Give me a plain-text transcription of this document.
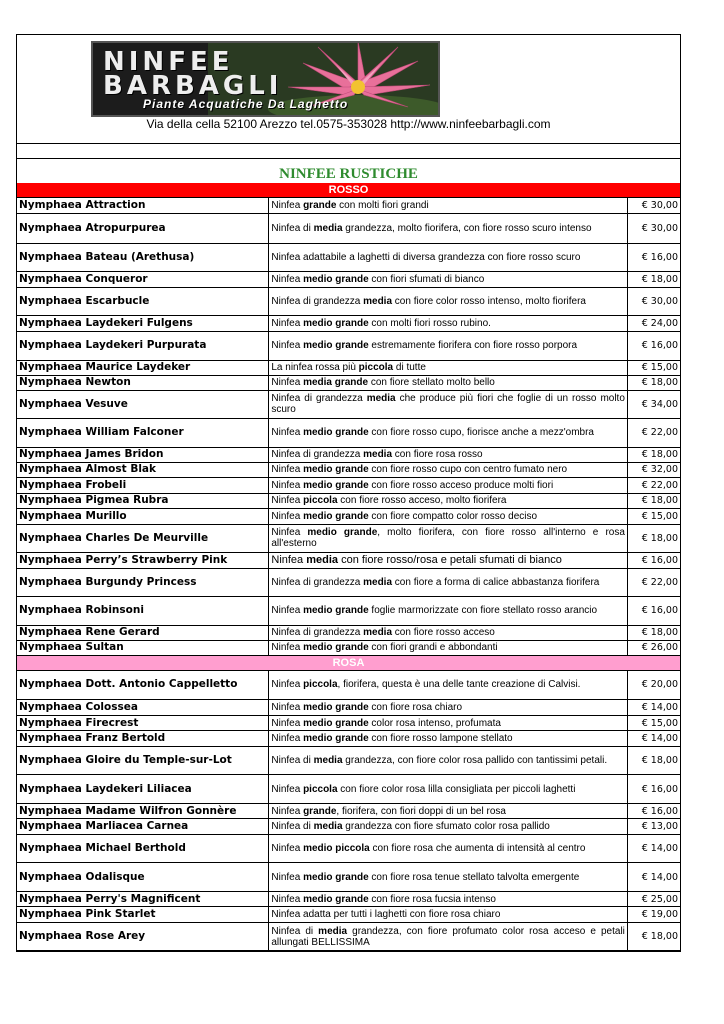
NINFEE
BARBAGLI
Piante Acquatiche Da Laghetto
Via della cella 52100 Arezzo tel.0575-353028 http://www.ninfeebarbagli.com
NINFEE RUSTICHE
ROSSO
Nymphaea Attraction	Ninfea grande con molti fiori grandi	€ 30,00
Nymphaea Atropurpurea	Ninfea di media grandezza, molto fiorifera, con fiore rosso scuro intenso	€ 30,00
Nymphaea Bateau (Arethusa)	Ninfea adattabile a laghetti di diversa grandezza con fiore rosso scuro	€ 16,00
Nymphaea Conqueror	Ninfea medio grande con fiori sfumati di bianco	€ 18,00
Nymphaea Escarbucle	Ninfea di grandezza media con fiore color rosso intenso, molto fiorifera	€ 30,00
Nymphaea Laydekeri Fulgens	Ninfea medio grande con molti fiori rosso rubino.	€ 24,00
Nymphaea Laydekeri Purpurata	Ninfea medio grande estremamente fiorifera con fiore rosso porpora	€ 16,00
Nymphaea Maurice Laydeker	La ninfea rossa più piccola di tutte	€ 15,00
Nymphaea Newton	Ninfea media grande con fiore stellato molto bello	€ 18,00
Nymphaea Vesuve	Ninfea di grandezza media che produce più fiori che foglie di un rosso molto scuro	€ 34,00
Nymphaea William Falconer	Ninfea medio grande con fiore rosso cupo, fiorisce anche a mezz'ombra	€ 22,00
Nymphaea James Bridon	Ninfea di grandezza media con fiore rosa rosso	€ 18,00
Nymphaea Almost Blak	Ninfea medio grande con fiore rosso cupo con centro fumato nero	€ 32,00
Nymphaea Frobeli	Ninfea medio grande con fiore rosso acceso produce molti fiori	€ 22,00
Nymphaea Pigmea Rubra	Ninfea piccola con fiore rosso acceso, molto fiorifera	€ 18,00
Nymphaea Murillo	Ninfea medio grande con fiore compatto color rosso deciso	€ 15,00
Nymphaea Charles De Meurville	Ninfea medio grande, molto fiorifera, con fiore rosso all'interno e rosa all'esterno	€ 18,00
Nymphaea Perry’s Strawberry Pink	Ninfea media con fiore rosso/rosa e petali sfumati di bianco	€ 16,00
Nymphaea Burgundy Princess	Ninfea di grandezza media con fiore a forma di calice abbastanza fiorifera	€ 22,00
Nymphaea Robinsoni	Ninfea medio grande foglie marmorizzate con fiore stellato rosso arancio	€ 16,00
Nymphaea Rene Gerard	Ninfea di grandezza media con fiore rosso acceso	€ 18,00
Nymphaea Sultan	Ninfea medio grande con fiori grandi e abbondanti	€ 26,00
ROSA
Nymphaea Dott. Antonio Cappelletto	Ninfea piccola, fiorifera, questa è una delle tante creazione di Calvisi.	€ 20,00
Nymphaea Colossea	Ninfea medio grande con fiore rosa chiaro	€ 14,00
Nymphaea Firecrest	Ninfea medio grande color rosa intenso, profumata	€ 15,00
Nymphaea Franz Bertold	Ninfea medio grande con fiore rosso lampone stellato	€ 14,00
Nymphaea Gloire du Temple-sur-Lot	Ninfea di media grandezza, con fiore color rosa pallido con tantissimi petali.	€ 18,00
Nymphaea Laydekeri Liliacea	Ninfea piccola con fiore color rosa lilla consigliata per piccoli laghetti	€ 16,00
Nymphaea Madame Wilfron Gonnère	Ninfea grande, fiorifera, con fiori doppi di un bel rosa	€ 16,00
Nymphaea Marliacea Carnea	Ninfea di media grandezza con fiore sfumato color rosa pallido	€ 13,00
Nymphaea Michael Berthold	Ninfea medio piccola con fiore rosa che aumenta di intensità al centro	€ 14,00
Nymphaea Odalisque	Ninfea medio grande con fiore rosa tenue stellato talvolta emergente	€ 14,00
Nymphaea Perry's Magnificent	Ninfea medio grande con fiore rosa fucsia intenso	€ 25,00
Nymphaea Pink Starlet	Ninfea adatta per tutti i laghetti con fiore rosa chiaro	€ 19,00
Nymphaea Rose Arey	Ninfea di media grandezza, con fiore profumato color rosa acceso e petali allungati BELLISSIMA	€ 18,00
